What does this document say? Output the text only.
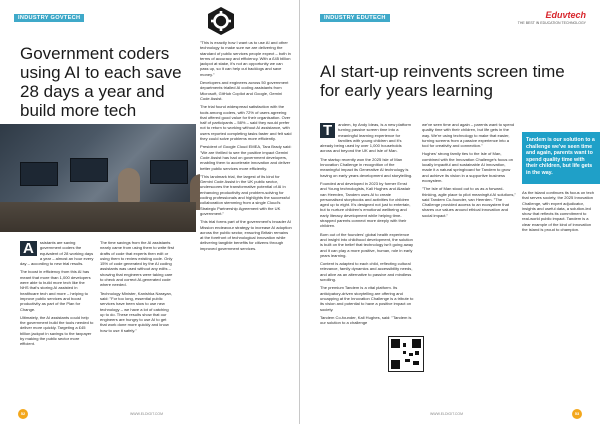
INDUSTRY GOVTECH
Government coders using AI to each save 28 days a year and build more tech

A	ssistants are saving government coders the equivalent of 28 working days a year – almost an hour every day – according to new trial results.

The boost in efficiency from this AI has meant that more than 1,000 developers were able to build more tech like the NHS that's storing AI assisted in healthcare tech and more – helping to improve public services and boost productivity as part of the Plan for Change.

Ultimately, the AI assistants could help the government build the tools needed to deliver more quickly. Targeting a £45 billion jackpot in savings to the taxpayer by making the public sector more efficient.

The time savings from the AI assistants nearly came from using them to write first drafts of code that experts then edit or using them to review existing code. Only 15% of code generated by the AI coding assistants was used without any edits – showing that engineers were taking care to check and correct AI-generated code where needed.

Technology Minister, Kanishka Narayan, said: "For too long, essential public services have been slow to use new technology – we have a lot of catching up to do. These results show that our engineers are hungry to use AI to get that work done more quickly and know how to use it safely."

WWW.ELDIGIT.COM
52

"This is exactly how I want us to use AI and other technology to make sure we are delivering the standard of public services people expect – both in terms of accuracy and efficiency. With a £45 billion jackpot at stake, it's not an opportunity we can pass up, so it can help cut backlogs and save money."

Developers and engineers across 50 government departments trialled AI coding assistants from Microsoft, GitHub Copilot and Google, Gemini Code Assist.

The trial found widespread satisfaction with the tools among coders, with 72% of users agreeing that offered good value for their organisation. Over half of participants – 58% – said they would prefer not to return to working without AI assistance, with users reported completing tasks faster and felt said they could solve problems more efficiently.

President of Google Cloud EMEA, Tara Brady said: "We are thrilled to see the positive impact Gemini Code Assist has had on government developers, enabling them to accelerate innovation and deliver better public services more efficiently.

"This landmark trial, the largest of its kind for Gemini Code Assist in the UK public sector, underscores the transformative potential of AI in enhancing productivity and problem-solving for coding professionals and highlights the successful collaboration stemming from a single Cloud's Strategic Partnership Agreement with the UK government."

This trial forms part of the government's broader AI Mission endeavour strategy to increase AI adoption across the public sector, ensuring Britain remains at the forefront of technological innovation while delivering tangible benefits for citizens through improved government services.

INDUSTRY EDUTECH	Eduvtech
THE BEST IN EDUCATION TECHNOLOGY
AI start-up reinvents screen time for early years learning

T	andem, by Andy Ideas, is a new platform turning passive screen time into a meaningful learning experience for families with young children and it's already being used by over 1,000 households across and beyond the UK and Isle of Man.

The startup recently won the 2025 Isle of Man Innovation Challenge in recognition of the meaningful impact its Generative AI technology is having on early years development and storytelling.

Founded and developed in 2023 by former Ernst and Young technologists, Kali Hughes and Alastair van Heerden, Tandem uses AI to create personalised storybooks and activities for children aged up to eight. It's designed not just to entertain, but to nurture children's emotional wellbeing and early literacy development while helping time-strapped parents connect more deeply with their children.

Born out of the founders' global health experience and insight into childhood development, the solution is built on the belief that technology isn't going away and it can play a more positive, human, role in early years learning.

Content is adapted to each child, reflecting cultural relevance, family dynamics and accessibility needs, and alive as an alternative to passive and mindless scrolling.

The premium Tandem is a vital platform. Its anticipatory-driven storytelling are offering and uncapping at the Innovation Challenge is a tribute to its vision and potential to have a positive impact on society.

Tandem Co-founder, Kali Hughes, said: "Tandem is our solution to a challenge

we've seen time and again – parents want to spend quality time with their children, but life gets in the way. We're using technology to make that easier, turning screens from a passive experience into a tool for creativity and connection."

Hughes' strong family ties to the Isle of Man, combined with the Innovation Challenge's focus on locally impactful and sustainable AI innovation, made it a natural springboard for Tandem to grow and achieve its vision in a supportive business ecosystem.

"The Isle of Man stood out to us as a forward-thinking, agile place to pilot meaningful AI solutions," said Tandem Co-founder, van Heerden. "The Challenge provided access to an ecosystem that shares our values around ethical innovation and social impact."

Tandem is our solution to a challenge we've seen time and again, parents want to spend quality time with their children, but life gets in the way.

As the island continues its focus on tech that serves society, the 2025 Innovation Challenge, with expert adjudicator, insights and useful data, a solution-led show that reflects its commitment to real-world public impact. Tandem is a clear example of the kind of innovation the island is proud to champion.

WWW.ELDIGIT.COM	53
